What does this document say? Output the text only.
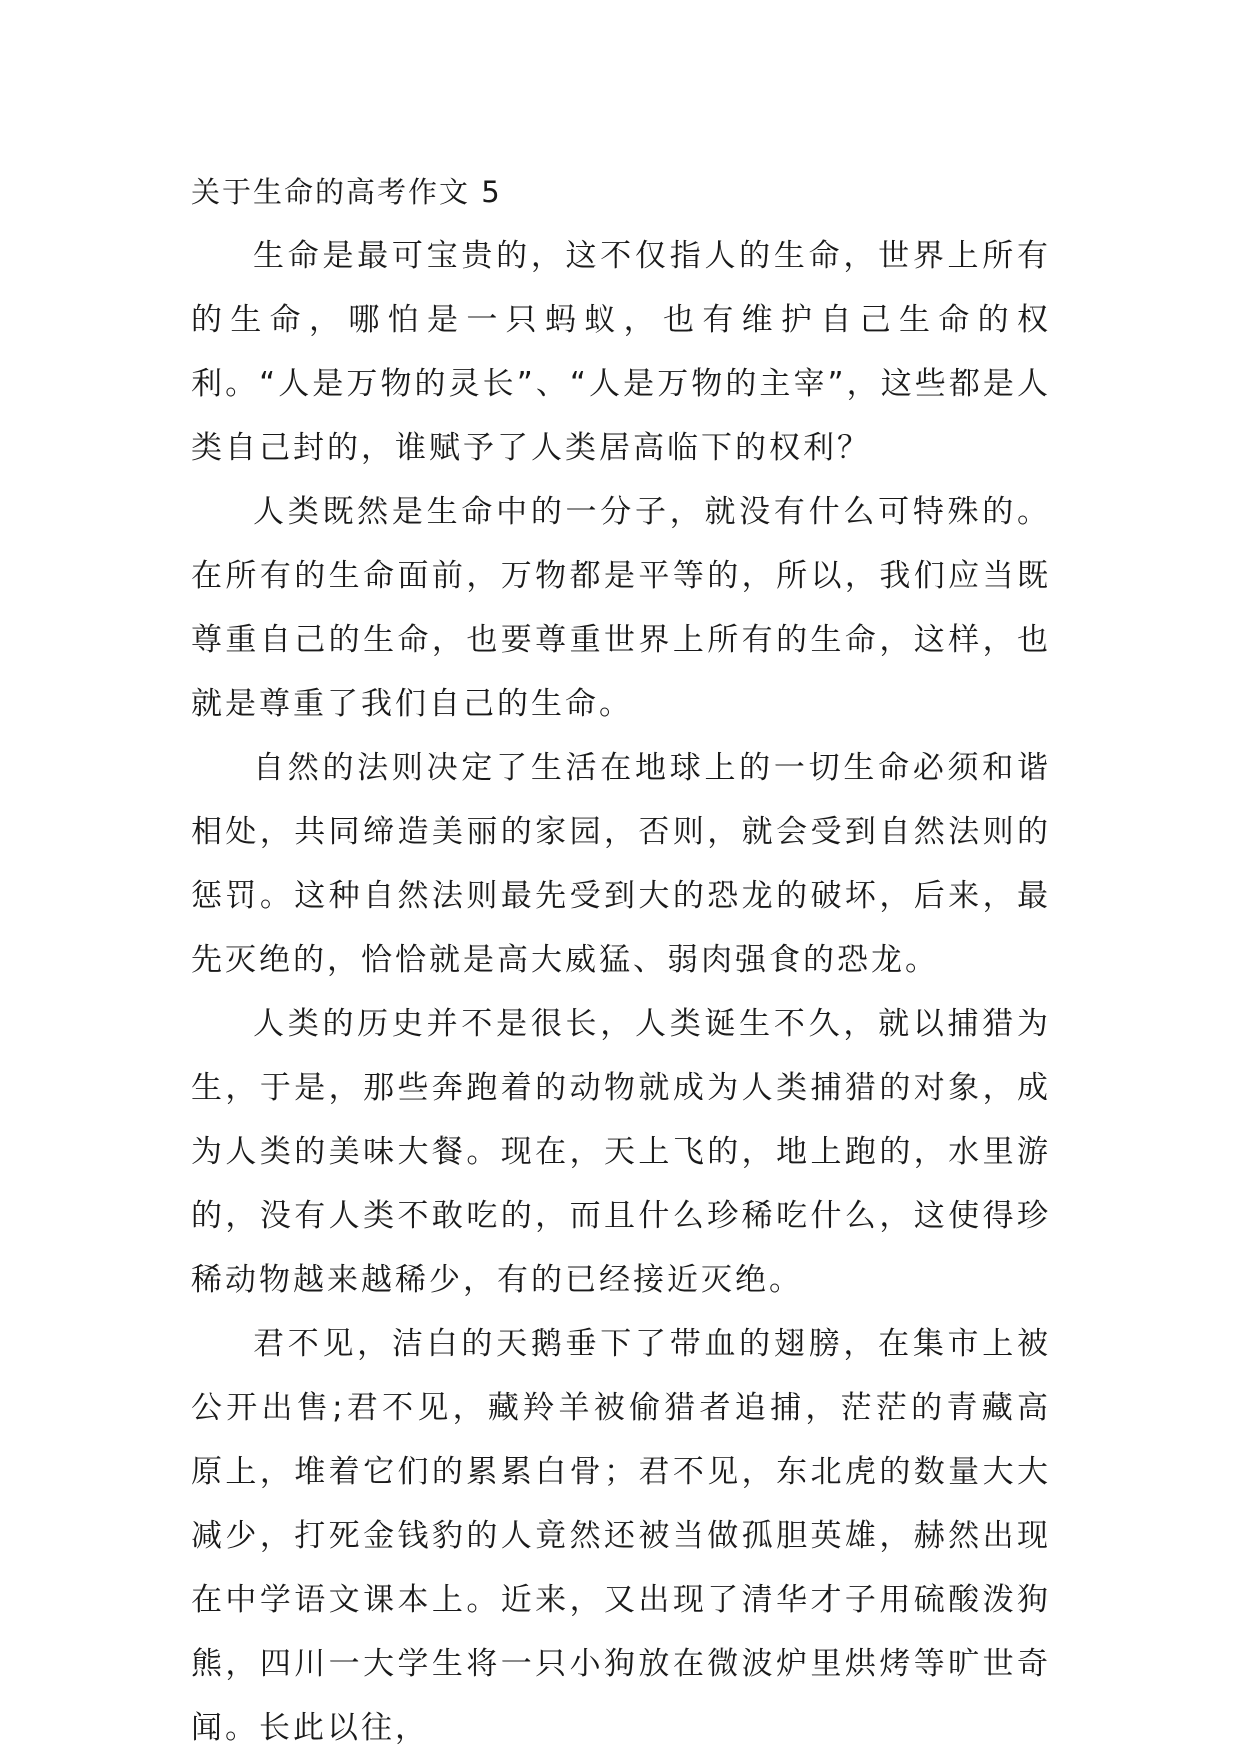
关于生命的高考作文 5

生命是最可宝贵的，这不仅指人的生命，世界上所有的生命，哪怕是一只蚂蚁，也有维护自己生命的权利。“人是万物的灵长”、“人是万物的主宰”，这些都是人类自己封的，谁赋予了人类居高临下的权利？

人类既然是生命中的一分子，就没有什么可特殊的。在所有的生命面前，万物都是平等的，所以，我们应当既尊重自己的生命，也要尊重世界上所有的生命，这样，也就是尊重了我们自己的生命。

自然的法则决定了生活在地球上的一切生命必须和谐相处，共同缔造美丽的家园，否则，就会受到自然法则的惩罚。这种自然法则最先受到大的恐龙的破坏，后来，最先灭绝的，恰恰就是高大威猛、弱肉强食的恐龙。

人类的历史并不是很长，人类诞生不久，就以捕猎为生，于是，那些奔跑着的动物就成为人类捕猎的对象，成为人类的美味大餐。现在，天上飞的，地上跑的，水里游的，没有人类不敢吃的，而且什么珍稀吃什么，这使得珍稀动物越来越稀少，有的已经接近灭绝。

君不见，洁白的天鹅垂下了带血的翅膀，在集市上被公开出售;君不见，藏羚羊被偷猎者追捕，茫茫的青藏高原上，堆着它们的累累白骨；君不见，东北虎的数量大大减少，打死金钱豹的人竟然还被当做孤胆英雄，赫然出现在中学语文课本上。近来，又出现了清华才子用硫酸泼狗熊，四川一大学生将一只小狗放在微波炉里烘烤等旷世奇闻。长此以往，
